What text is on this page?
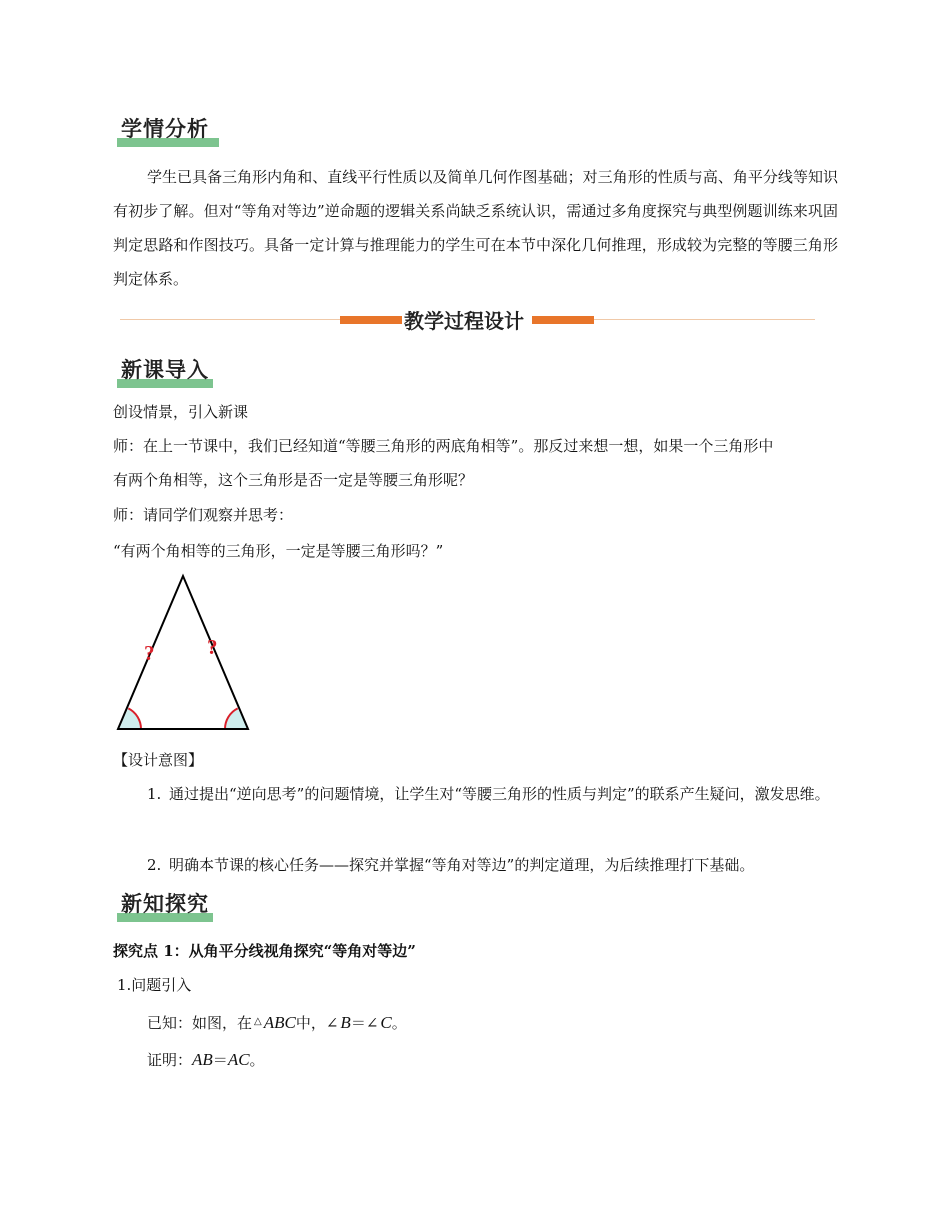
学情分析
学生已具备三角形内角和、直线平行性质以及简单几何作图基础；对三角形的性质与高、角平分线等知识有初步了解。但对“等角对等边”逆命题的逻辑关系尚缺乏系统认识，需通过多角度探究与典型例题训练来巩固判定思路和作图技巧。具备一定计算与推理能力的学生可在本节中深化几何推理，形成较为完整的等腰三角形判定体系。
教学过程设计
新课导入
创设情景，引入新课
师：在上一节课中，我们已经知道“等腰三角形的两底角相等”。那反过来想一想，如果一个三角形中
有两个角相等，这个三角形是否一定是等腰三角形呢？
师：请同学们观察并思考：
“有两个角相等的三角形，一定是等腰三角形吗？”
?	?
【设计意图】
1. 通过提出“逆向思考”的问题情境，让学生对“等腰三角形的性质与判定”的联系产生疑问，激发思维。
2. 明确本节课的核心任务——探究并掌握“等角对等边”的判定道理，为后续推理打下基础。
新知探究
探究点 1：从角平分线视角探究“等角对等边”
1.问题引入
已知：如图，在 △ ABC中，∠ B＝∠ C。
证明：AB＝AC。
